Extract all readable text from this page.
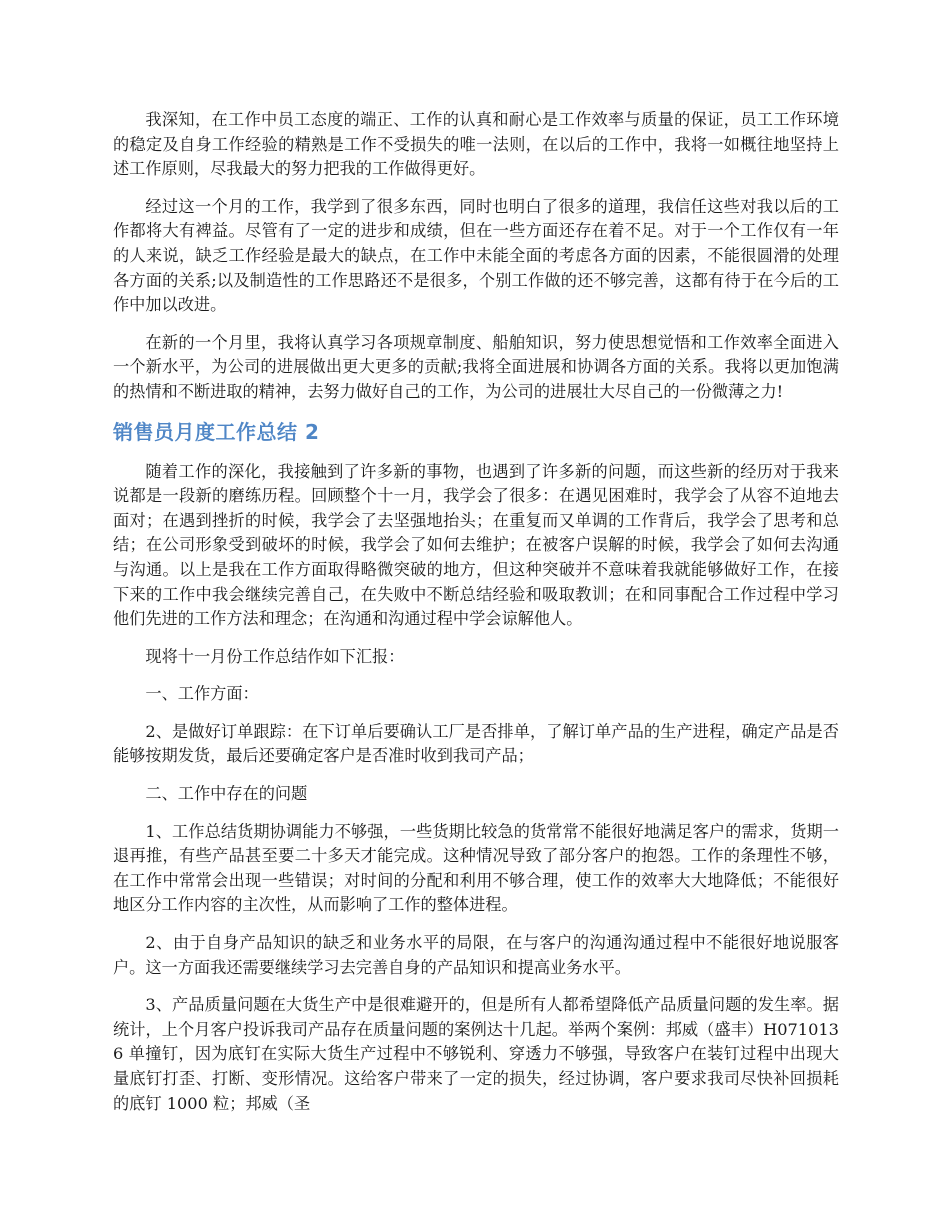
我深知，在工作中员工态度的端正、工作的认真和耐心是工作效率与质量的保证，员工工作环境的稳定及自身工作经验的精熟是工作不受损失的唯一法则，在以后的工作中，我将一如概往地坚持上述工作原则，尽我最大的努力把我的工作做得更好。

经过这一个月的工作，我学到了很多东西，同时也明白了很多的道理，我信任这些对我以后的工作都将大有裨益。尽管有了一定的进步和成绩，但在一些方面还存在着不足。对于一个工作仅有一年的人来说，缺乏工作经验是最大的缺点，在工作中未能全面的考虑各方面的因素，不能很圆滑的处理各方面的关系;以及制造性的工作思路还不是很多，个别工作做的还不够完善，这都有待于在今后的工作中加以改进。

在新的一个月里，我将认真学习各项规章制度、船舶知识，努力使思想觉悟和工作效率全面进入一个新水平，为公司的进展做出更大更多的贡献;我将全面进展和协调各方面的关系。我将以更加饱满的热情和不断进取的精神，去努力做好自己的工作，为公司的进展壮大尽自己的一份微薄之力!

销售员月度工作总结 2

随着工作的深化，我接触到了许多新的事物，也遇到了许多新的问题，而这些新的经历对于我来说都是一段新的磨练历程。回顾整个十一月，我学会了很多：在遇见困难时，我学会了从容不迫地去面对；在遇到挫折的时候，我学会了去坚强地抬头；在重复而又单调的工作背后，我学会了思考和总结；在公司形象受到破坏的时候，我学会了如何去维护；在被客户误解的时候，我学会了如何去沟通与沟通。以上是我在工作方面取得略微突破的地方，但这种突破并不意味着我就能够做好工作，在接下来的工作中我会继续完善自己，在失败中不断总结经验和吸取教训；在和同事配合工作过程中学习他们先进的工作方法和理念；在沟通和沟通过程中学会谅解他人。

现将十一月份工作总结作如下汇报：

一、工作方面：

2、是做好订单跟踪：在下订单后要确认工厂是否排单，了解订单产品的生产进程，确定产品是否能够按期发货，最后还要确定客户是否准时收到我司产品；

二、工作中存在的问题

1、工作总结货期协调能力不够强，一些货期比较急的货常常不能很好地满足客户的需求，货期一退再推，有些产品甚至要二十多天才能完成。这种情况导致了部分客户的抱怨。工作的条理性不够，在工作中常常会出现一些错误；对时间的分配和利用不够合理，使工作的效率大大地降低；不能很好地区分工作内容的主次性，从而影响了工作的整体进程。

2、由于自身产品知识的缺乏和业务水平的局限，在与客户的沟通沟通过程中不能很好地说服客户。这一方面我还需要继续学习去完善自身的产品知识和提高业务水平。

3、产品质量问题在大货生产中是很难避开的，但是所有人都希望降低产品质量问题的发生率。据统计，上个月客户投诉我司产品存在质量问题的案例达十几起。举两个案例：邦威（盛丰）H0710136 单撞钉，因为底钉在实际大货生产过程中不够锐利、穿透力不够强，导致客户在装钉过程中出现大量底钉打歪、打断、变形情况。这给客户带来了一定的损失，经过协调，客户要求我司尽快补回损耗的底钉 1000 粒；邦威（圣
